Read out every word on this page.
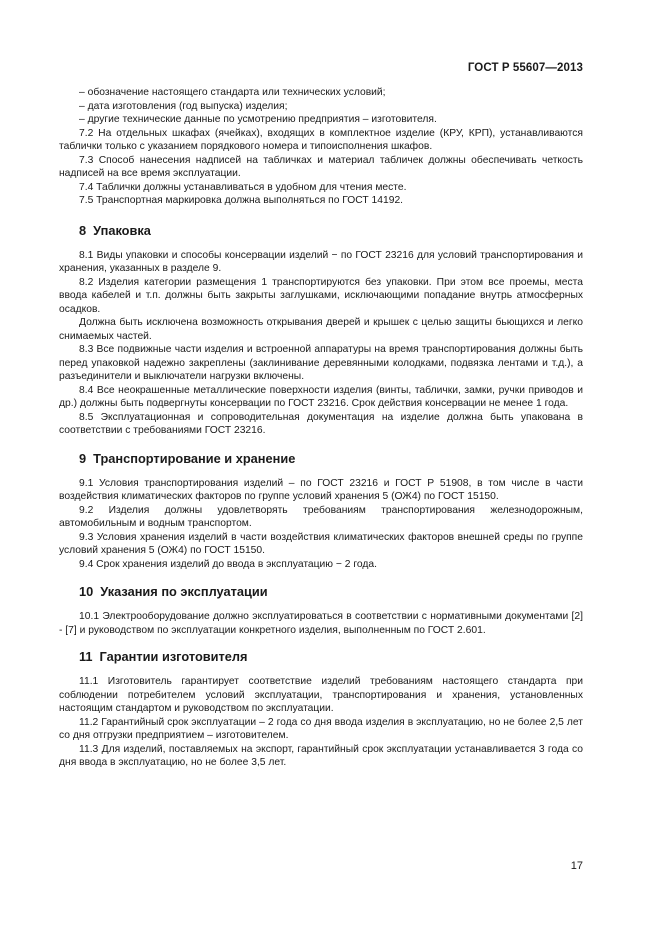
ГОСТ Р 55607—2013

– обозначение настоящего стандарта или технических условий;

– дата изготовления (год выпуска) изделия;

– другие технические данные по усмотрению предприятия – изготовителя.

7.2 На отдельных шкафах (ячейках), входящих в комплектное изделие (КРУ, КРП), устанавливаются таблички только с указанием порядкового номера и типоисполнения шкафов.

7.3 Способ нанесения надписей на табличках и материал табличек должны обеспечивать четкость надписей на все время эксплуатации.

7.4 Таблички должны устанавливаться в удобном для чтения месте.

7.5 Транспортная маркировка должна выполняться по ГОСТ 14192.

8 Упаковка

8.1 Виды упаковки и способы консервации изделий − по ГОСТ 23216 для условий транспортирования и хранения, указанных в разделе 9.

8.2 Изделия категории размещения 1 транспортируются без упаковки. При этом все проемы, места ввода кабелей и т.п. должны быть закрыты заглушками, исключающими попадание внутрь атмосферных осадков.

Должна быть исключена возможность открывания дверей и крышек с целью защиты бьющихся и легко снимаемых частей.

8.3 Все подвижные части изделия и встроенной аппаратуры на время транспортирования должны быть перед упаковкой надежно закреплены (заклинивание деревянными колодками, подвязка лентами и т.д.), а разъединители и выключатели нагрузки включены.

8.4 Все неокрашенные металлические поверхности изделия (винты, таблички, замки, ручки приводов и др.) должны быть подвергнуты консервации по ГОСТ 23216. Срок действия консервации не менее 1 года.

8.5 Эксплуатационная и сопроводительная документация на изделие должна быть упакована в соответствии с требованиями ГОСТ 23216.

9 Транспортирование и хранение

9.1 Условия транспортирования изделий – по ГОСТ 23216 и ГОСТ Р 51908, в том числе в части воздействия климатических факторов по группе условий хранения 5 (ОЖ4) по ГОСТ 15150.

9.2 Изделия должны удовлетворять требованиям транспортирования железнодорожным, автомобильным и водным транспортом.

9.3 Условия хранения изделий в части воздействия климатических факторов внешней среды по группе условий хранения 5 (ОЖ4) по ГОСТ 15150.

9.4 Срок хранения изделий до ввода в эксплуатацию − 2 года.

10 Указания по эксплуатации

10.1 Электрооборудование должно эксплуатироваться в соответствии с нормативными документами [2] - [7] и руководством по эксплуатации конкретного изделия, выполненным по ГОСТ 2.601.

11 Гарантии изготовителя

11.1 Изготовитель гарантирует соответствие изделий требованиям настоящего стандарта при соблюдении потребителем условий эксплуатации, транспортирования и хранения, установленных настоящим стандартом и руководством по эксплуатации.

11.2 Гарантийный срок эксплуатации – 2 года со дня ввода изделия в эксплуатацию, но не более 2,5 лет со дня отгрузки предприятием – изготовителем.

11.3 Для изделий, поставляемых на экспорт, гарантийный срок эксплуатации устанавливается 3 года со дня ввода в эксплуатацию, но не более 3,5 лет.

17
